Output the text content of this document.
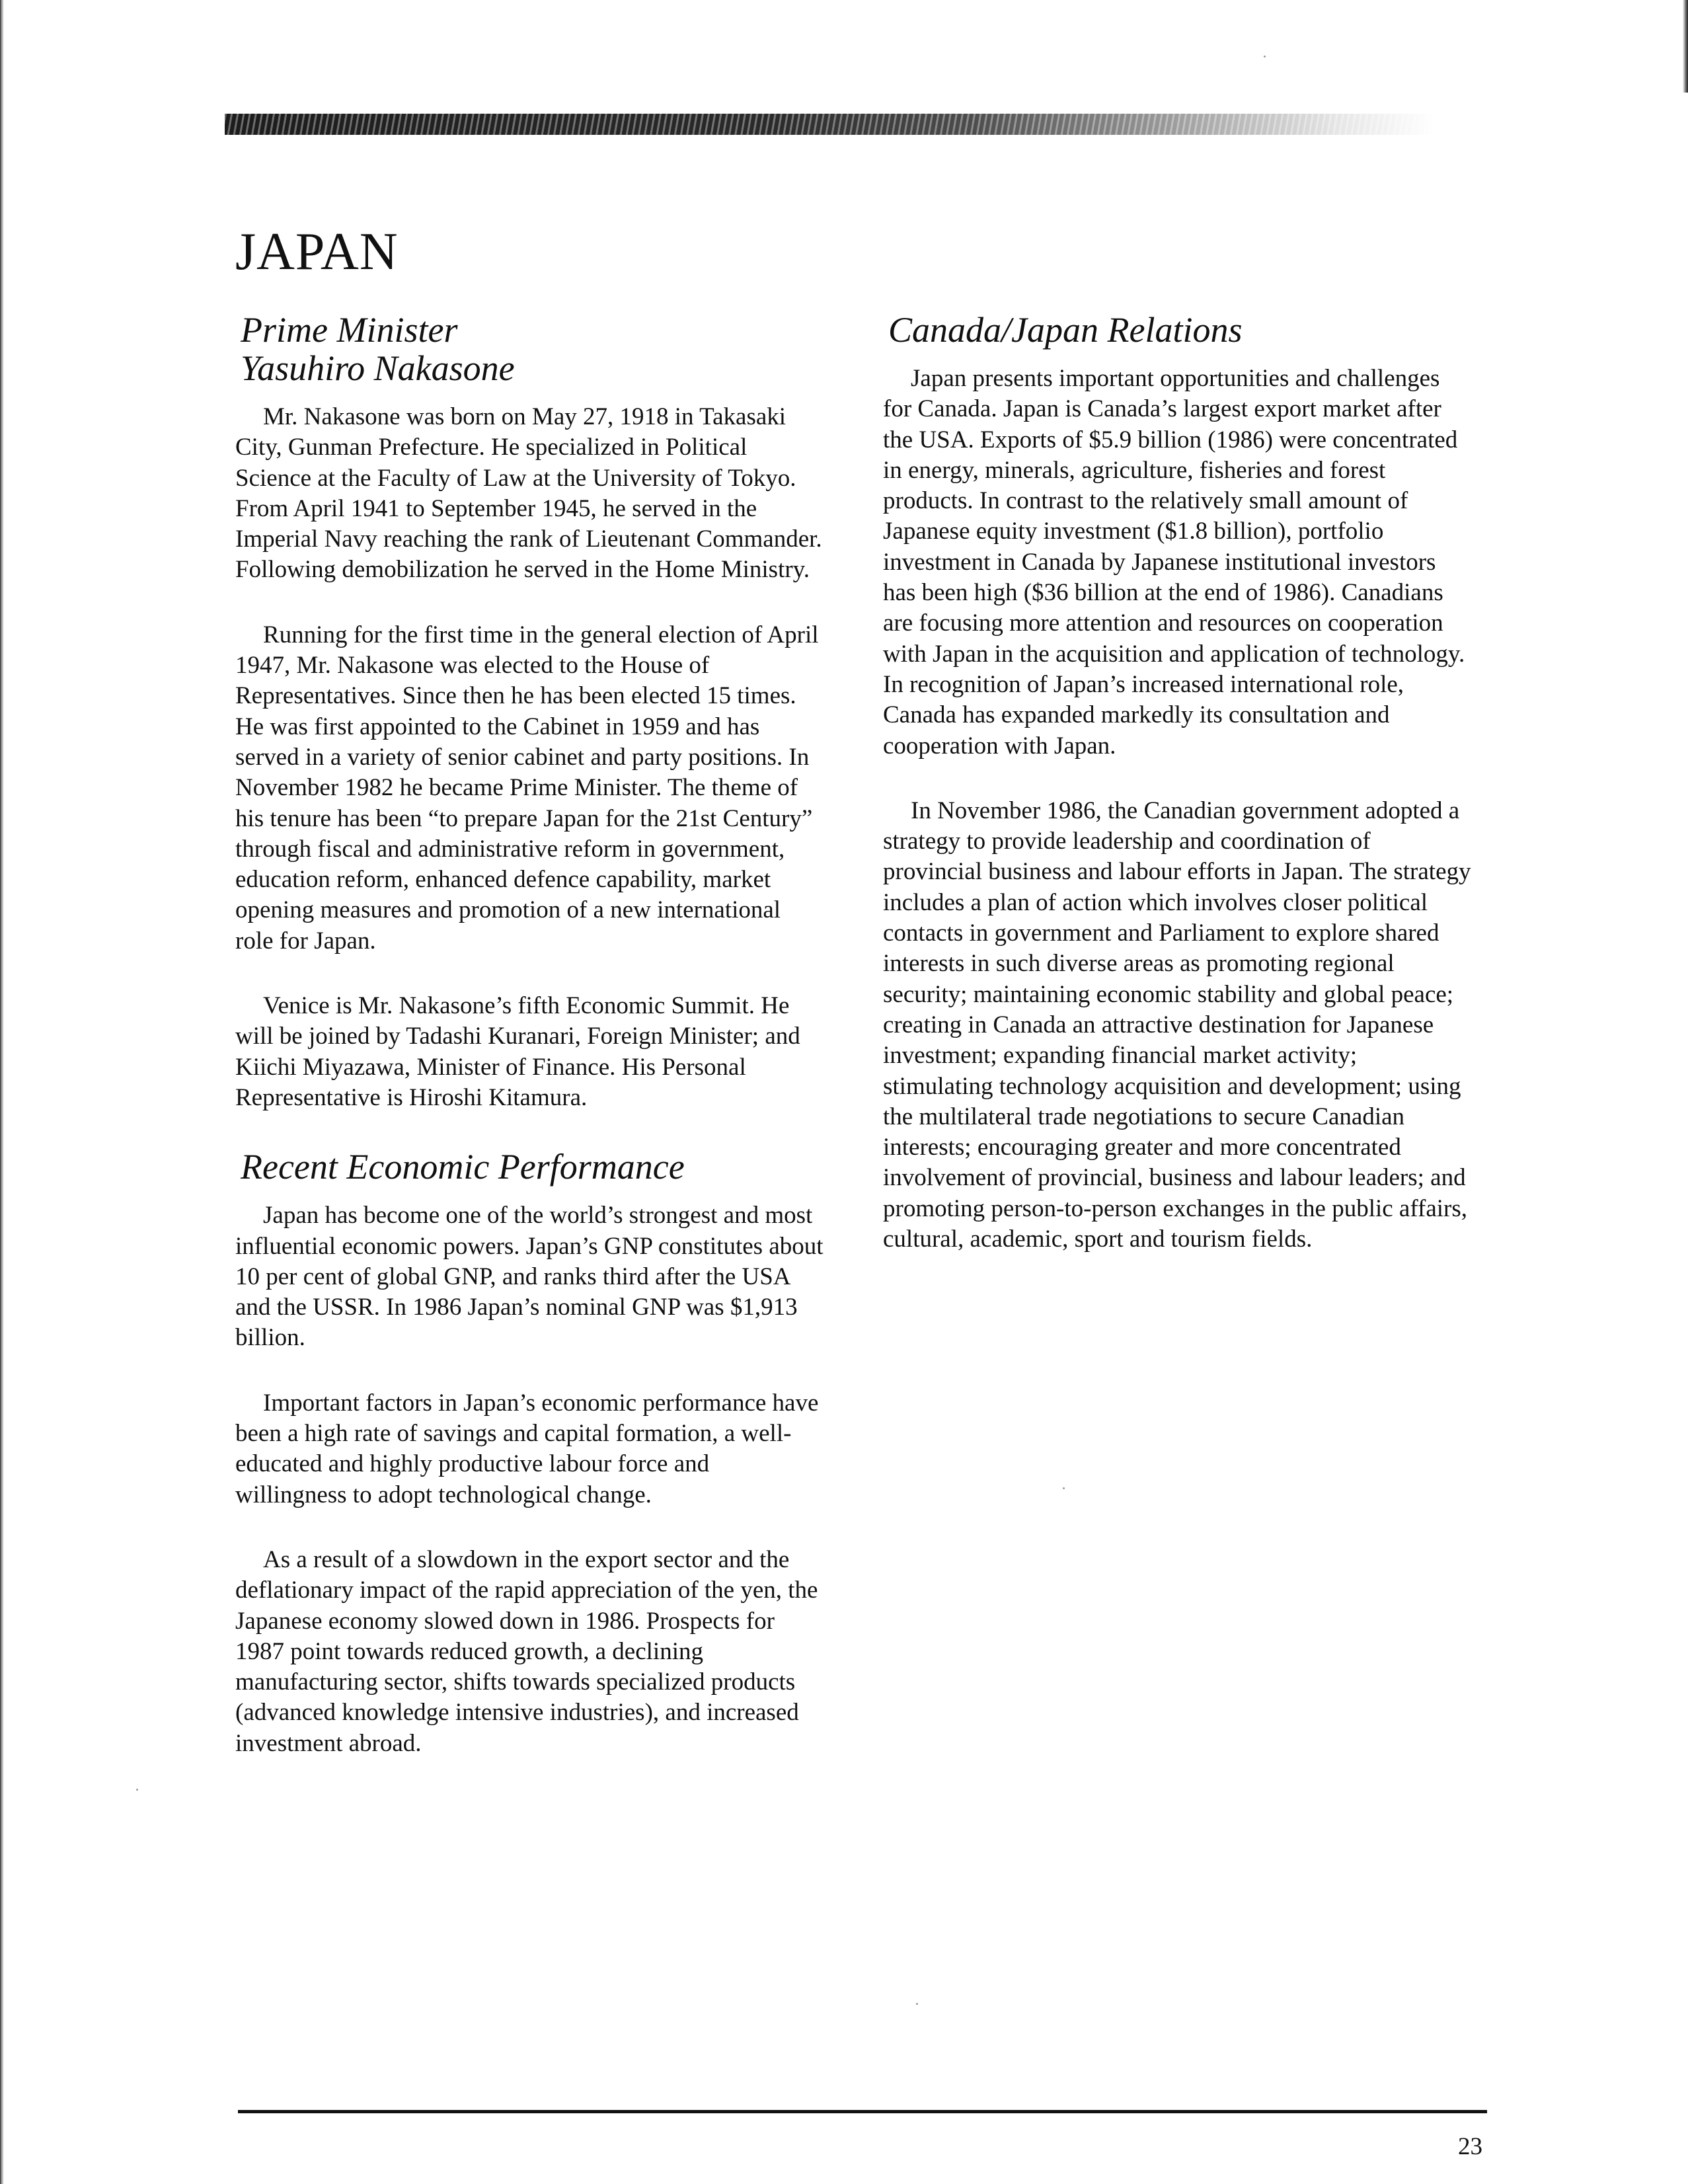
JAPAN
Prime Minister
Yasuhiro Nakasone

Mr. Nakasone was born on May 27, 1918 in Takasaki City, Gunman Prefecture. He specialized in Political Science at the Faculty of Law at the University of Tokyo. From April 1941 to September 1945, he served in the Imperial Navy reaching the rank of Lieutenant Commander. Following demobilization he served in the Home Ministry.

Running for the first time in the general election of April 1947, Mr. Nakasone was elected to the House of Representatives. Since then he has been elected 15 times. He was first appointed to the Cabinet in 1959 and has served in a variety of senior cabinet and party positions. In November 1982 he became Prime Minister. The theme of his tenure has been “to prepare Japan for the 21st Century” through fiscal and administrative reform in government, education reform, enhanced defence capability, market opening measures and promotion of a new international role for Japan.

Venice is Mr. Nakasone’s fifth Economic Summit. He will be joined by Tadashi Kuranari, Foreign Minister; and Kiichi Miyazawa, Minister of Finance. His Personal Representative is Hiroshi Kitamura.

Recent Economic Performance

Japan has become one of the world’s strongest and most influential economic powers. Japan’s GNP constitutes about 10 per cent of global GNP, and ranks third after the USA and the USSR. In 1986 Japan’s nominal GNP was $1,913 billion.

Important factors in Japan’s economic performance have been a high rate of savings and capital formation, a well-educated and highly productive labour force and willingness to adopt technological change.

As a result of a slowdown in the export sector and the deflationary impact of the rapid appreciation of the yen, the Japanese economy slowed down in 1986. Prospects for 1987 point towards reduced growth, a declining manufacturing sector, shifts towards specialized products (advanced knowledge intensive industries), and increased investment abroad.

Canada/Japan Relations

Japan presents important opportunities and challenges for Canada. Japan is Canada’s largest export market after the USA. Exports of $5.9 billion (1986) were concentrated in energy, minerals, agriculture, fisheries and forest products. In contrast to the relatively small amount of Japanese equity investment ($1.8 billion), portfolio investment in Canada by Japanese institutional investors has been high ($36 billion at the end of 1986). Canadians are focusing more attention and resources on cooperation with Japan in the acquisition and application of technology. In recognition of Japan’s increased international role, Canada has expanded markedly its consultation and cooperation with Japan.

In November 1986, the Canadian government adopted a strategy to provide leadership and coordination of provincial business and labour efforts in Japan. The strategy includes a plan of action which involves closer political contacts in government and Parliament to explore shared interests in such diverse areas as promoting regional security; maintaining economic stability and global peace; creating in Canada an attractive destination for Japanese investment; expanding financial market activity; stimulating technology acquisition and development; using the multilateral trade negotiations to secure Canadian interests; encouraging greater and more concentrated involvement of provincial, business and labour leaders; and promoting person-to-person exchanges in the public affairs, cultural, academic, sport and tourism fields.

23
